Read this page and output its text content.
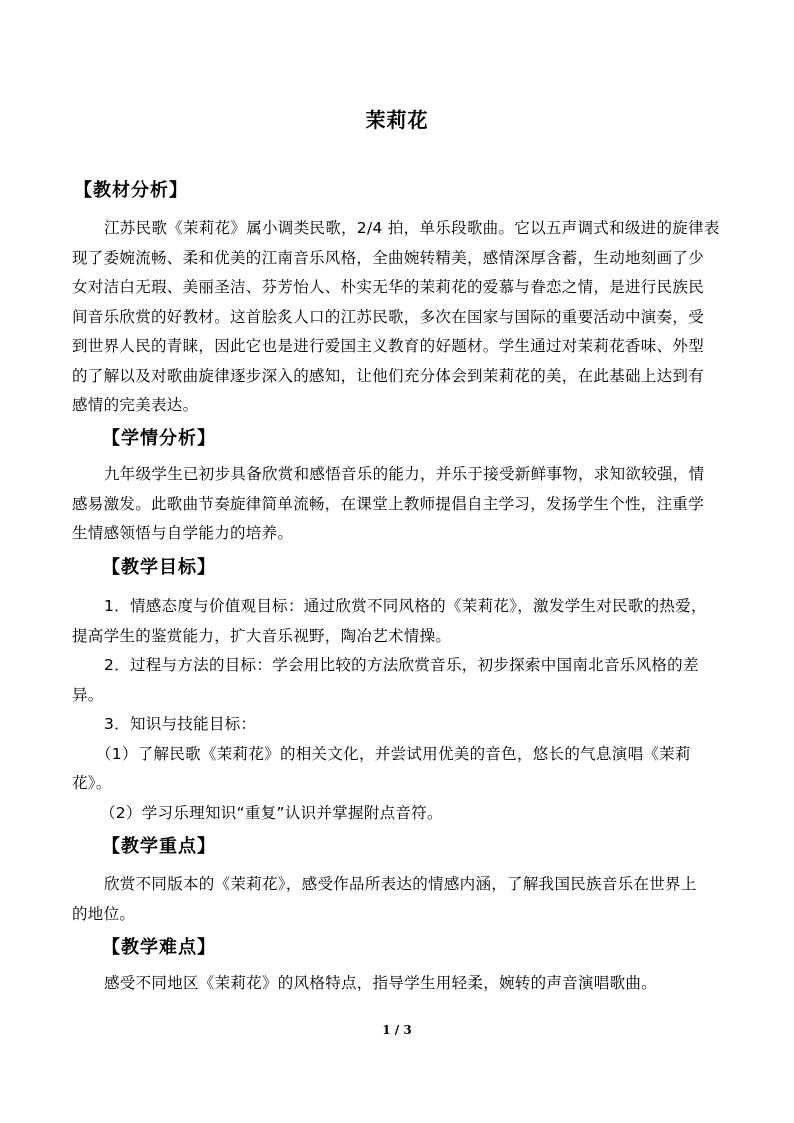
茉莉花
【教材分析】
江苏民歌《茉莉花》属小调类民歌，2/4 拍，单乐段歌曲。它以五声调式和级进的旋律表
现了委婉流畅、柔和优美的江南音乐风格，全曲婉转精美，感情深厚含蓄，生动地刻画了少
女对洁白无瑕、美丽圣洁、芬芳怡人、朴实无华的茉莉花的爱慕与眷恋之情，是进行民族民
间音乐欣赏的好教材。这首脍炙人口的江苏民歌，多次在国家与国际的重要活动中演奏，受
到世界人民的青睐，因此它也是进行爱国主义教育的好题材。学生通过对茉莉花香味、外型
的了解以及对歌曲旋律逐步深入的感知，让他们充分体会到茉莉花的美，在此基础上达到有
感情的完美表达。
【学情分析】
九年级学生已初步具备欣赏和感悟音乐的能力，并乐于接受新鲜事物，求知欲较强，情
感易激发。此歌曲节奏旋律简单流畅，在课堂上教师提倡自主学习，发扬学生个性，注重学
生情感领悟与自学能力的培养。
【教学目标】
1．情感态度与价值观目标：通过欣赏不同风格的《茉莉花》，激发学生对民歌的热爱，
提高学生的鉴赏能力，扩大音乐视野，陶冶艺术情操。
2．过程与方法的目标：学会用比较的方法欣赏音乐，初步探索中国南北音乐风格的差
异。
3．知识与技能目标：
（1）了解民歌《茉莉花》的相关文化，并尝试用优美的音色，悠长的气息演唱《茉莉
花》。
（2）学习乐理知识“重复”认识并掌握附点音符。
【教学重点】
欣赏不同版本的《茉莉花》，感受作品所表达的情感内涵，了解我国民族音乐在世界上
的地位。
【教学难点】
感受不同地区《茉莉花》的风格特点，指导学生用轻柔，婉转的声音演唱歌曲。
1 / 3
